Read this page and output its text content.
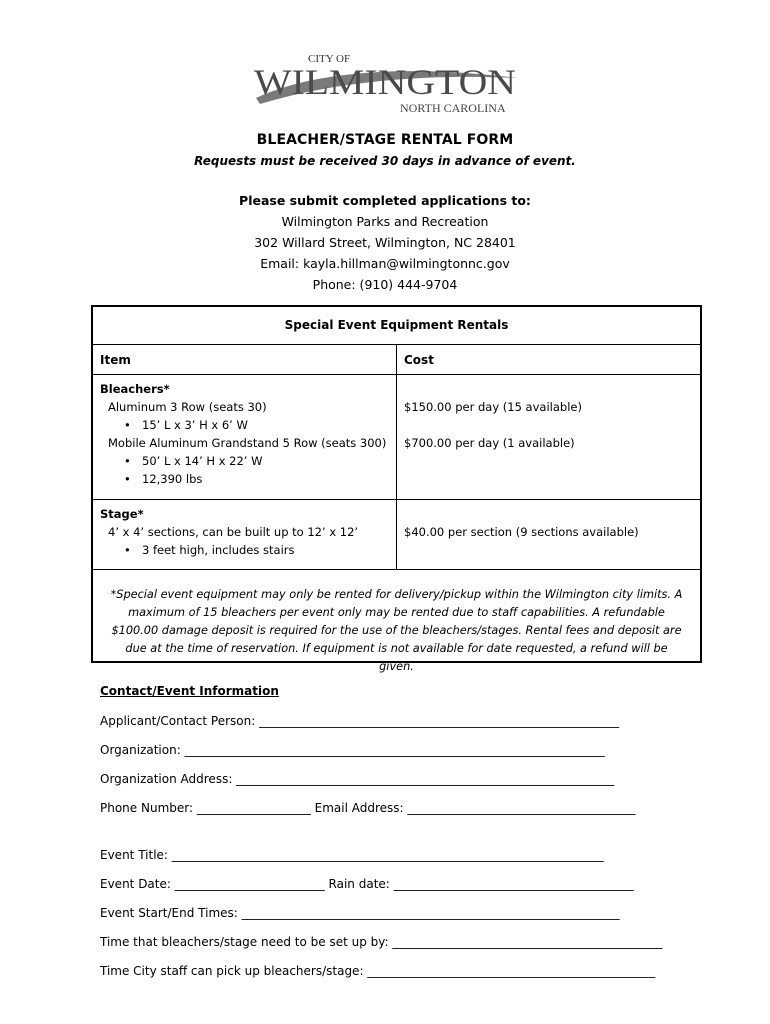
CITY OF
WILMINGTON
NORTH CAROLINA
BLEACHER/STAGE RENTAL FORM
Requests must be received 30 days in advance of event.
Please submit completed applications to:
Wilmington Parks and Recreation
302 Willard Street, Wilmington, NC 28401
Email: kayla.hillman@wilmingtonnc.gov
Phone: (910) 444-9704
Special Event Equipment Rentals
Item	Cost
Bleachers*
Aluminum 3 Row (seats 30)
• 15’ L x 3’ H x 6’ W
Mobile Aluminum Grandstand 5 Row (seats 300)
• 50’ L x 14’ H x 22’ W
• 12,390 lbs

$150.00 per day (15 available)

$700.00 per day (1 available)
Stage*
4’ x 4’ sections, can be built up to 12’ x 12’
• 3 feet high, includes stairs

$40.00 per section (9 sections available)
*Special event equipment may only be rented for delivery/pickup within the Wilmington city limits. A maximum of 15 bleachers per event only may be rented due to staff capabilities. A refundable $100.00 damage deposit is required for the use of the bleachers/stages. Rental fees and deposit are due at the time of reservation. If equipment is not available for date requested, a refund will be given.
Contact/Event Information
Applicant/Contact Person: ____________________________________________________________
Organization: ______________________________________________________________________
Organization Address: _______________________________________________________________
Phone Number: ___________________ Email Address: ______________________________________
Event Title: ________________________________________________________________________
Event Date: _________________________ Rain date: ________________________________________
Event Start/End Times: _______________________________________________________________
Time that bleachers/stage need to be set up by: _____________________________________________
Time City staff can pick up bleachers/stage: ________________________________________________
